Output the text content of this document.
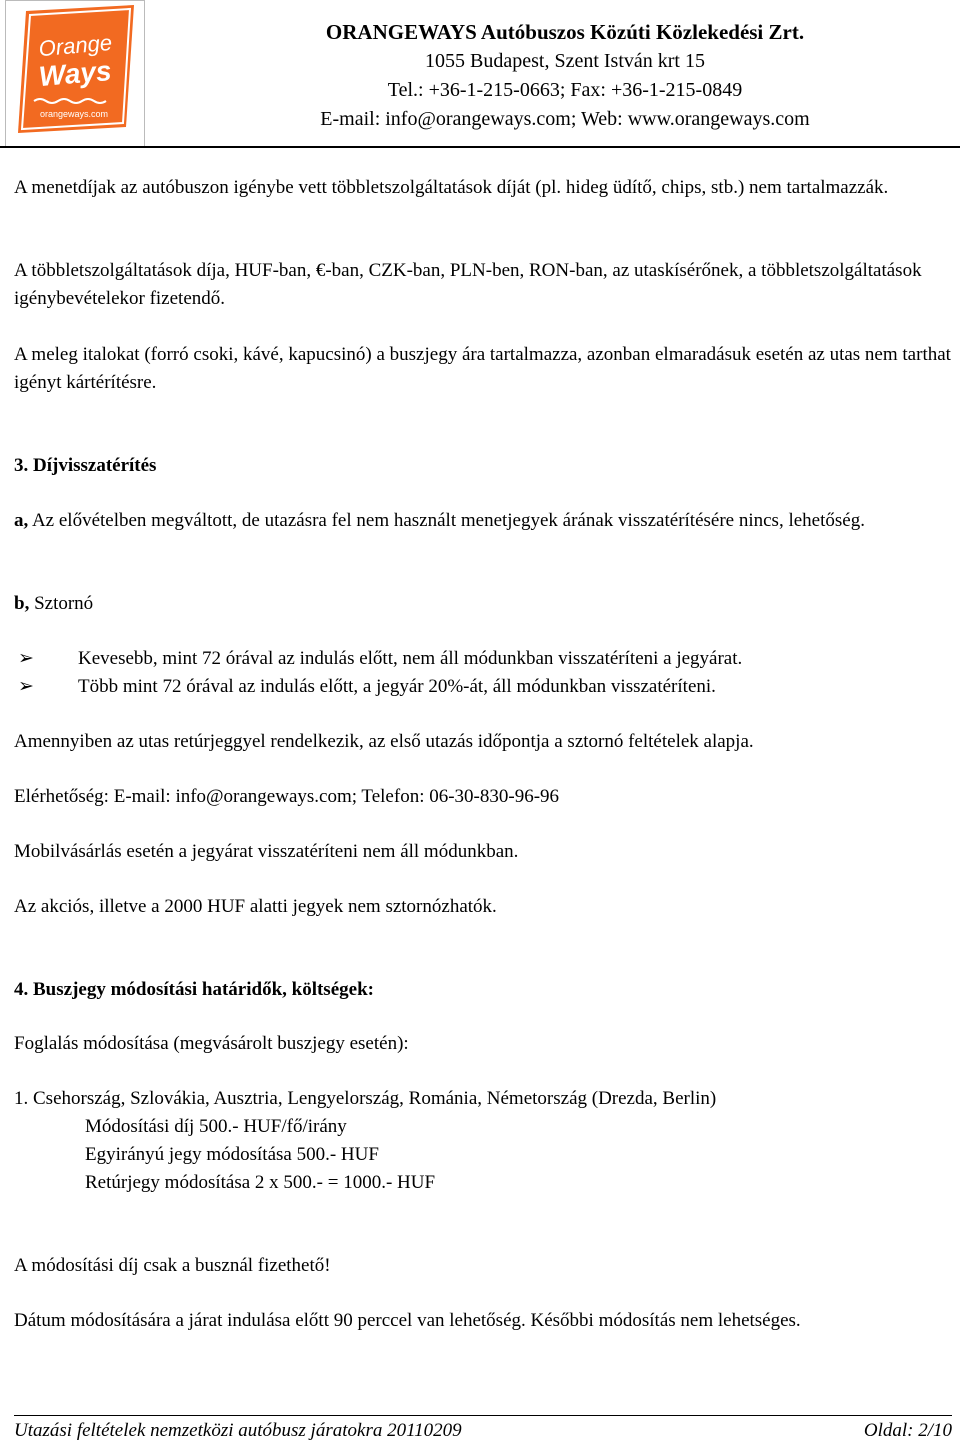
Orange
Ways
orangeways.com
ORANGEWAYS Autóbuszos Közúti Közlekedési Zrt.
1055 Budapest, Szent István krt 15
Tel.: +36-1-215-0663; Fax: +36-1-215-0849
E-mail: info@orangeways.com; Web: www.orangeways.com
A menetdíjak az autóbuszon igénybe vett többletszolgáltatások díját (pl. hideg üdítő, chips, stb.) nem tartalmazzák.
A többletszolgáltatások díja, HUF-ban, €-ban, CZK-ban, PLN-ben, RON-ban, az utaskísérőnek, a többletszolgáltatások igénybevételekor fizetendő.
A meleg italokat (forró csoki, kávé, kapucsinó) a buszjegy ára tartalmazza, azonban elmaradásuk esetén az utas nem tarthat igényt kártérítésre.
3. Díjvisszatérítés
a, Az elővételben megváltott, de utazásra fel nem használt menetjegyek árának visszatérítésére nincs, lehetőség.
b, Sztornó
➢ Kevesebb, mint 72 órával az indulás előtt, nem áll módunkban visszatéríteni a jegyárat.
➢ Több mint 72 órával az indulás előtt, a jegyár 20%-át, áll módunkban visszatéríteni.
Amennyiben az utas retúrjeggyel rendelkezik, az első utazás időpontja a sztornó feltételek alapja.
Elérhetőség: E-mail: info@orangeways.com; Telefon: 06-30-830-96-96
Mobilvásárlás esetén a jegyárat visszatéríteni nem áll módunkban.
Az akciós, illetve a 2000 HUF alatti jegyek nem sztornózhatók.
4. Buszjegy módosítási határidők, költségek:
Foglalás módosítása (megvásárolt buszjegy esetén):
1. Csehország, Szlovákia, Ausztria, Lengyelország, Románia, Németország (Drezda, Berlin)
Módosítási díj 500.- HUF/fő/irány
Egyirányú jegy módosítása 500.- HUF
Retúrjegy módosítása 2 x 500.- = 1000.- HUF
A módosítási díj csak a busznál fizethető!
Dátum módosítására a járat indulása előtt 90 perccel van lehetőség. Későbbi módosítás nem lehetséges.
Utazási feltételek nemzetközi autóbusz járatokra 20110209	Oldal: 2/10
